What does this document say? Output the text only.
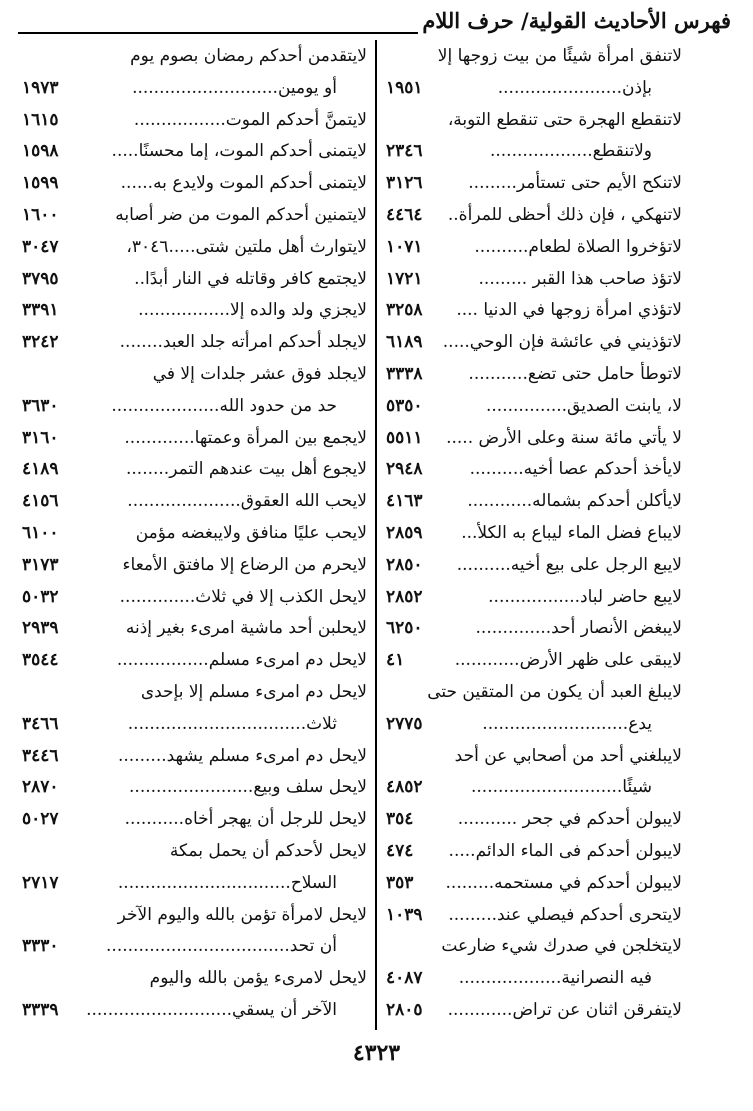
فهرس الأحاديث القولية/ حرف اللام
لاتنفق امرأة شيئًا من بيت زوجها إلا
بإذن.......................
١٩٥١
لاتنقطع الهجرة حتى تنقطع التوبة،
ولاتنقطع...................
٢٣٤٦
لاتنكح الأيم حتى تستأمر.........
٣١٢٦
لاتنهكي ، فإن ذلك أحظى للمرأة..
٤٤٦٤
لاتؤخروا الصلاة لطعام..........
١٠٧١
لاتؤذ صاحب هذا القبر .........
١٧٢١
لاتؤذي امرأة زوجها في الدنيا ....
٣٢٥٨
لاتؤذيني في عائشة فإن الوحي.....
٦١٨٩
لاتوطأ حامل حتى تضع...........
٣٣٣٨
لا، يابنت الصديق...............
٥٣٥٠
لا يأتي مائة سنة وعلى الأرض .....
٥٥١١
لايأخذ أحدكم عصا أخيه..........
٢٩٤٨
لايأكلن أحدكم بشماله............
٤١٦٣
لايباع فضل الماء ليباع به الكلأ...
٢٨٥٩
لايبع الرجل على بيع أخيه..........
٢٨٥٠
لايبع حاضر لباد.................
٢٨٥٢
لايبغض الأنصار أحد..............
٦٢٥٠
لايبقى على ظهر الأرض............
٤١
لايبلغ العبد أن يكون من المتقين حتى
يدع...........................
٢٧٧٥
لايبلغني أحد من أصحابي عن أحد
شيئًا............................
٤٨٥٢
لايبولن أحدكم في جحر ...........
٣٥٤
لايبولن أحدكم فى الماء الدائم.....
٤٧٤
لايبولن أحدكم في مستحمه.........
٣٥٣
لايتحرى أحدكم فيصلي عند.........
١٠٣٩
لايتخلجن في صدرك شيء ضارعت
فيه النصرانية...................
٤٠٨٧
لايتفرقن اثنان عن تراض............
٢٨٠٥
لايتقدمن أحدكم رمضان بصوم يوم
أو يومين...........................
١٩٧٣
لايتمنَّ أحدكم الموت.................
١٦١٥
لايتمنى أحدكم الموت، إما محسنًا.....
١٥٩٨
لايتمنى أحدكم الموت ولايدع به......
١٥٩٩
لايتمنين أحدكم الموت من ضر أصابه
١٦٠٠
لايتوارث أهل ملتين شتى.....٣٠٤٦،
٣٠٤٧
لايجتمع كافر وقاتله في النار أبدًا..
٣٧٩٥
لايجزي ولد والده إلا.................
٣٣٩١
لايجلد أحدكم امرأته جلد العبد........
٣٢٤٢
لايجلد فوق عشر جلدات إلا في
حد من حدود الله....................
٣٦٣٠
لايجمع بين المرأة وعمتها.............
٣١٦٠
لايجوع أهل بيت عندهم التمر........
٤١٨٩
لايحب الله العقوق.....................
٤١٥٦
لايحب عليًا منافق ولايبغضه مؤمن
٦١٠٠
لايحرم من الرضاع إلا مافتق الأمعاء
٣١٧٣
لايحل الكذب إلا في ثلاث..............
٥٠٣٢
لايحلبن أحد ماشية امرىء بغير إذنه
٢٩٣٩
لايحل دم امرىء مسلم.................
٣٥٤٤
لايحل دم امرىء مسلم إلا بإحدى
ثلاث.................................
٣٤٦٦
لايحل دم امرىء مسلم يشهد.........
٣٤٤٦
لايحل سلف وبيع.......................
٢٨٧٠
لايحل للرجل أن يهجر أخاه...........
٥٠٢٧
لايحل لأحدكم أن يحمل بمكة
السلاح................................
٢٧١٧
لايحل لامرأة تؤمن بالله واليوم الآخر
أن تحد..................................
٣٣٣٠
لايحل لامرىء يؤمن بالله واليوم
الآخر أن يسقي...........................
٣٣٣٩
٤٣٢٣
